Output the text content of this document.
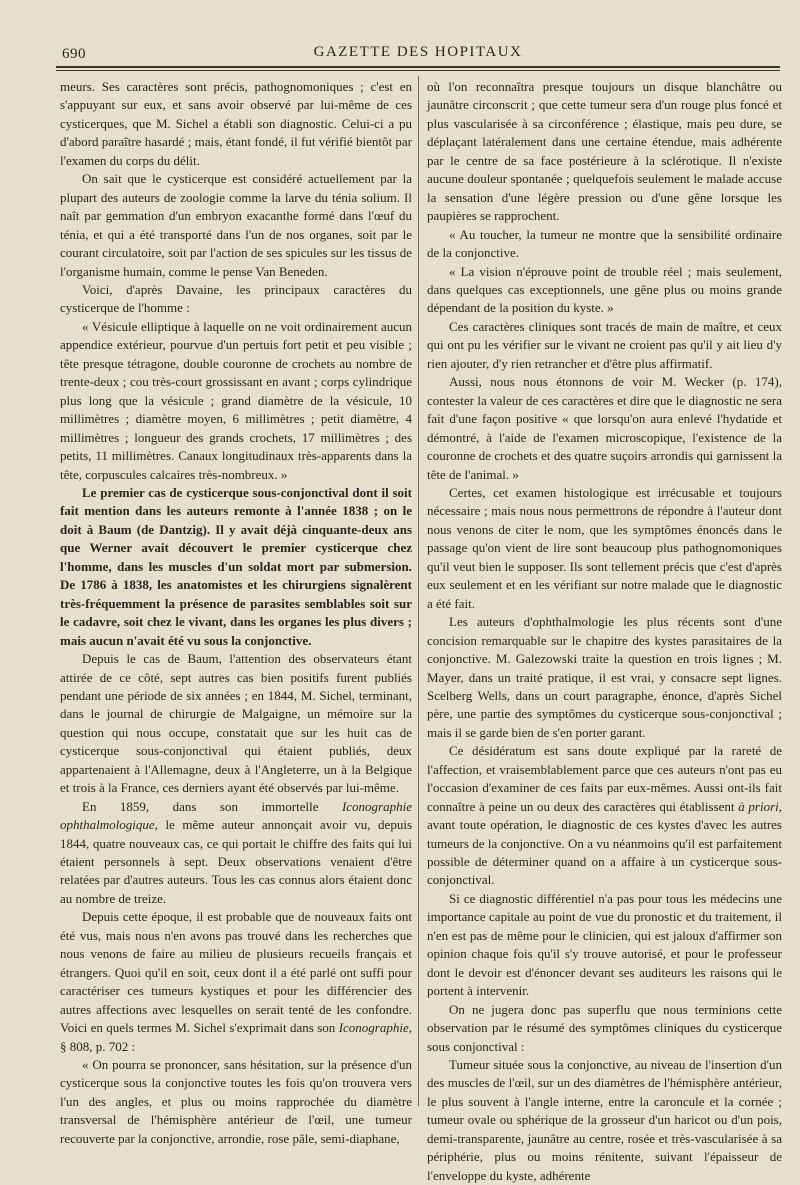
690	GAZETTE DES HOPITAUX

meurs. Ses caractères sont précis, pathognomoniques ; c'est en s'appuyant sur eux, et sans avoir observé par lui-même de ces cysticerques, que M. Sichel a établi son diagnostic. Celui-ci a pu d'abord paraître hasardé ; mais, étant fondé, il fut vérifié bientôt par l'examen du corps du délit.

On sait que le cysticerque est considéré actuellement par la plupart des auteurs de zoologie comme la larve du ténia solium. Il naît par gemmation d'un embryon exacanthe formé dans l'œuf du ténia, et qui a été transporté dans l'un de nos organes, soit par le courant circulatoire, soit par l'action de ses spicules sur les tissus de l'organisme humain, comme le pense Van Beneden.

Voici, d'après Davaine, les principaux caractères du cysticerque de l'homme :

« Vésicule elliptique à laquelle on ne voit ordinairement aucun appendice extérieur, pourvue d'un pertuis fort petit et peu visible ; tête presque tétragone, double couronne de crochets au nombre de trente-deux ; cou très-court grossissant en avant ; corps cylindrique plus long que la vésicule ; grand diamètre de la vésicule, 10 millimètres ; diamètre moyen, 6 millimètres ; petit diamètre, 4 millimètres ; longueur des grands crochets, 17 millimètres ; des petits, 11 millimètres. Canaux longitudinaux très-apparents dans la tête, corpuscules calcaires très-nombreux. »

Le premier cas de cysticerque sous-conjonctival dont il soit fait mention dans les auteurs remonte à l'année 1838 ; on le doit à Baum (de Dantzig). Il y avait déjà cinquante-deux ans que Werner avait découvert le premier cysticerque chez l'homme, dans les muscles d'un soldat mort par submersion. De 1786 à 1838, les anatomistes et les chirurgiens signalèrent très-fréquemment la présence de parasites semblables soit sur le cadavre, soit chez le vivant, dans les organes les plus divers ; mais aucun n'avait été vu sous la conjonctive.

Depuis le cas de Baum, l'attention des observateurs étant attirée de ce côté, sept autres cas bien positifs furent publiés pendant une période de six années ; en 1844, M. Sichel, terminant, dans le journal de chirurgie de Malgaigne, un mémoire sur la question qui nous occupe, constatait que sur les huit cas de cysticerque sous-conjonctival qui étaient publiés, deux appartenaient à l'Allemagne, deux à l'Angleterre, un à la Belgique et trois à la France, ces derniers ayant été observés par lui-même.

En 1859, dans son immortelle Iconographie ophthalmologique, le même auteur annonçait avoir vu, depuis 1844, quatre nouveaux cas, ce qui portait le chiffre des faits qui lui étaient personnels à sept. Deux observations venaient d'être relatées par d'autres auteurs. Tous les cas connus alors étaient donc au nombre de treize.

Depuis cette époque, il est probable que de nouveaux faits ont été vus, mais nous n'en avons pas trouvé dans les recherches que nous venons de faire au milieu de plusieurs recueils français et étrangers. Quoi qu'il en soit, ceux dont il a été parlé ont suffi pour caractériser ces tumeurs kystiques et pour les différencier des autres affections avec lesquelles on serait tenté de les confondre. Voici en quels termes M. Sichel s'exprimait dans son Iconographie, § 808, p. 702 :

« On pourra se prononcer, sans hésitation, sur la présence d'un cysticerque sous la conjonctive toutes les fois qu'on trouvera vers l'un des angles, et plus ou moins rapprochée du diamètre transversal de l'hémisphère antérieur de l'œil, une tumeur recouverte par la conjonctive, arrondie, rose pâle, semi-diaphane,

où l'on reconnaîtra presque toujours un disque blanchâtre ou jaunâtre circonscrit ; que cette tumeur sera d'un rouge plus foncé et plus vascularisée à sa circonférence ; élastique, mais peu dure, se déplaçant latéralement dans une certaine étendue, mais adhérente par le centre de sa face postérieure à la sclérotique. Il n'existe aucune douleur spontanée ; quelquefois seulement le malade accuse la sensation d'une légère pression ou d'une gêne lorsque les paupières se rapprochent.

« Au toucher, la tumeur ne montre que la sensibilité ordinaire de la conjonctive.

« La vision n'éprouve point de trouble réel ; mais seulement, dans quelques cas exceptionnels, une gêne plus ou moins grande dépendant de la position du kyste. »

Ces caractères cliniques sont tracés de main de maître, et ceux qui ont pu les vérifier sur le vivant ne croient pas qu'il y ait lieu d'y rien ajouter, d'y rien retrancher et d'être plus affirmatif.

Aussi, nous nous étonnons de voir M. Wecker (p. 174), contester la valeur de ces caractères et dire que le diagnostic ne sera fait d'une façon positive « que lorsqu'on aura enlevé l'hydatide et démontré, à l'aide de l'examen microscopique, l'existence de la couronne de crochets et des quatre suçoirs arrondis qui garnissent la tête de l'animal. »

Certes, cet examen histologique est irrécusable et toujours nécessaire ; mais nous nous permettrons de répondre à l'auteur dont nous venons de citer le nom, que les symptômes énoncés dans le passage qu'on vient de lire sont beaucoup plus pathognomoniques qu'il veut bien le supposer. Ils sont tellement précis que c'est d'après eux seulement et en les vérifiant sur notre malade que le diagnostic a été fait.

Les auteurs d'ophthalmologie les plus récents sont d'une concision remarquable sur le chapitre des kystes parasitaires de la conjonctive. M. Galezowski traite la question en trois lignes ; M. Mayer, dans un traité pratique, il est vrai, y consacre sept lignes. Scelberg Wells, dans un court paragraphe, énonce, d'après Sichel père, une partie des symptômes du cysticerque sous-conjonctival ; mais il se garde bien de s'en porter garant.

Ce désidératum est sans doute expliqué par la rareté de l'affection, et vraisemblablement parce que ces auteurs n'ont pas eu l'occasion d'examiner de ces faits par eux-mêmes. Aussi ont-ils fait connaître à peine un ou deux des caractères qui établissent à priori, avant toute opération, le diagnostic de ces kystes d'avec les autres tumeurs de la conjonctive. On a vu néanmoins qu'il est parfaitement possible de déterminer quand on a affaire à un cysticerque sous-conjonctival.

Si ce diagnostic différentiel n'a pas pour tous les médecins une importance capitale au point de vue du pronostic et du traitement, il n'en est pas de même pour le clinicien, qui est jaloux d'affirmer son opinion chaque fois qu'il s'y trouve autorisé, et pour le professeur dont le devoir est d'énoncer devant ses auditeurs les raisons qui le portent à intervenir.

On ne jugera donc pas superflu que nous terminions cette observation par le résumé des symptômes cliniques du cysticerque sous conjonctival :

Tumeur située sous la conjonctive, au niveau de l'insertion d'un des muscles de l'œil, sur un des diamètres de l'hémisphère antérieur, le plus souvent à l'angle interne, entre la caroncule et la cornée ; tumeur ovale ou sphérique de la grosseur d'un haricot ou d'un pois, demi-transparente, jaunâtre au centre, rosée et très-vascularisée à sa périphérie, plus ou moins rénitente, suivant l'épaisseur de l'enveloppe du kyste, adhérente
